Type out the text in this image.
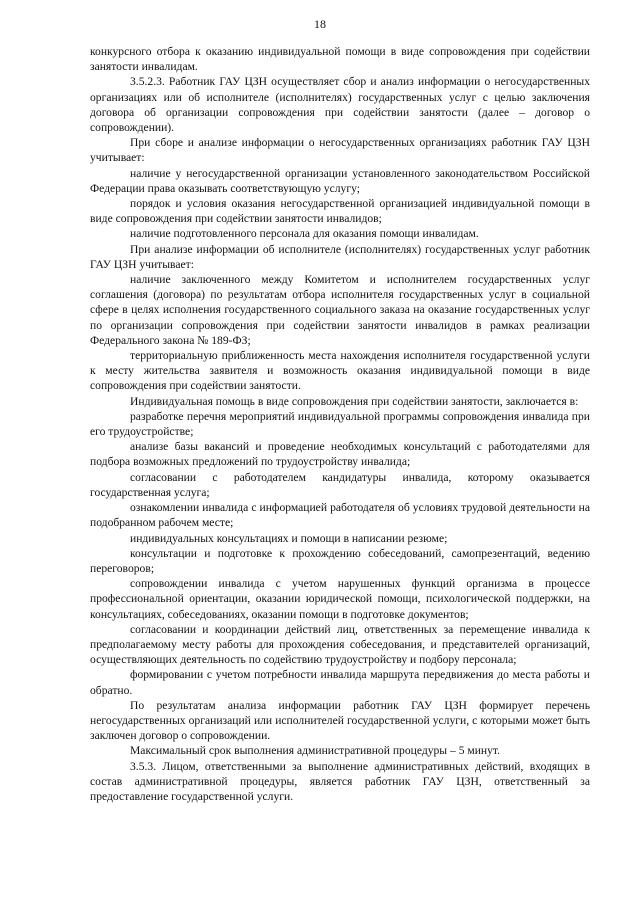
18

конкурсного отбора к оказанию индивидуальной помощи в виде сопровождения при содействии занятости инвалидам.

3.5.2.3. Работник ГАУ ЦЗН осуществляет сбор и анализ информации о негосударственных организациях или об исполнителе (исполнителях) государственных услуг с целью заключения договора об организации сопровождения при содействии занятости (далее – договор о сопровождении).

При сборе и анализе информации о негосударственных организациях работник ГАУ ЦЗН учитывает:

наличие у негосударственной организации установленного законодательством Российской Федерации права оказывать соответствующую услугу;

порядок и условия оказания негосударственной организацией индивидуальной помощи в виде сопровождения при содействии занятости инвалидов;

наличие подготовленного персонала для оказания помощи инвалидам.

При анализе информации об исполнителе (исполнителях) государственных услуг работник ГАУ ЦЗН учитывает:

наличие заключенного между Комитетом и исполнителем государственных услуг соглашения (договора) по результатам отбора исполнителя государственных услуг в социальной сфере в целях исполнения государственного социального заказа на оказание государственных услуг по организации сопровождения при содействии занятости инвалидов в рамках реализации Федерального закона № 189-ФЗ;

территориальную приближенность места нахождения исполнителя государственной услуги к месту жительства заявителя и возможность оказания индивидуальной помощи в виде сопровождения при содействии занятости.

Индивидуальная помощь в виде сопровождения при содействии занятости, заключается в:

разработке перечня мероприятий индивидуальной программы сопровождения инвалида при его трудоустройстве;

анализе базы вакансий и проведение необходимых консультаций с работодателями для подбора возможных предложений по трудоустройству инвалида;

согласовании с работодателем кандидатуры инвалида, которому оказывается государственная услуга;

ознакомлении инвалида с информацией работодателя об условиях трудовой деятельности на подобранном рабочем месте;

индивидуальных консультациях и помощи в написании резюме;

консультации и подготовке к прохождению собеседований, самопрезентаций, ведению переговоров;

сопровождении инвалида с учетом нарушенных функций организма в процессе профессиональной ориентации, оказании юридической помощи, психологической поддержки, на консультациях, собеседованиях, оказании помощи в подготовке документов;

согласовании и координации действий лиц, ответственных за перемещение инвалида к предполагаемому месту работы для прохождения собеседования, и представителей организаций, осуществляющих деятельность по содействию трудоустройству и подбору персонала;

формировании с учетом потребности инвалида маршрута передвижения до места работы и обратно.

По результатам анализа информации работник ГАУ ЦЗН формирует перечень негосударственных организаций или исполнителей государственной услуги, с которыми может быть заключен договор о сопровождении.

Максимальный срок выполнения административной процедуры – 5 минут.

3.5.3. Лицом, ответственными за выполнение административных действий, входящих в состав административной процедуры, является работник ГАУ ЦЗН, ответственный за предоставление государственной услуги.
